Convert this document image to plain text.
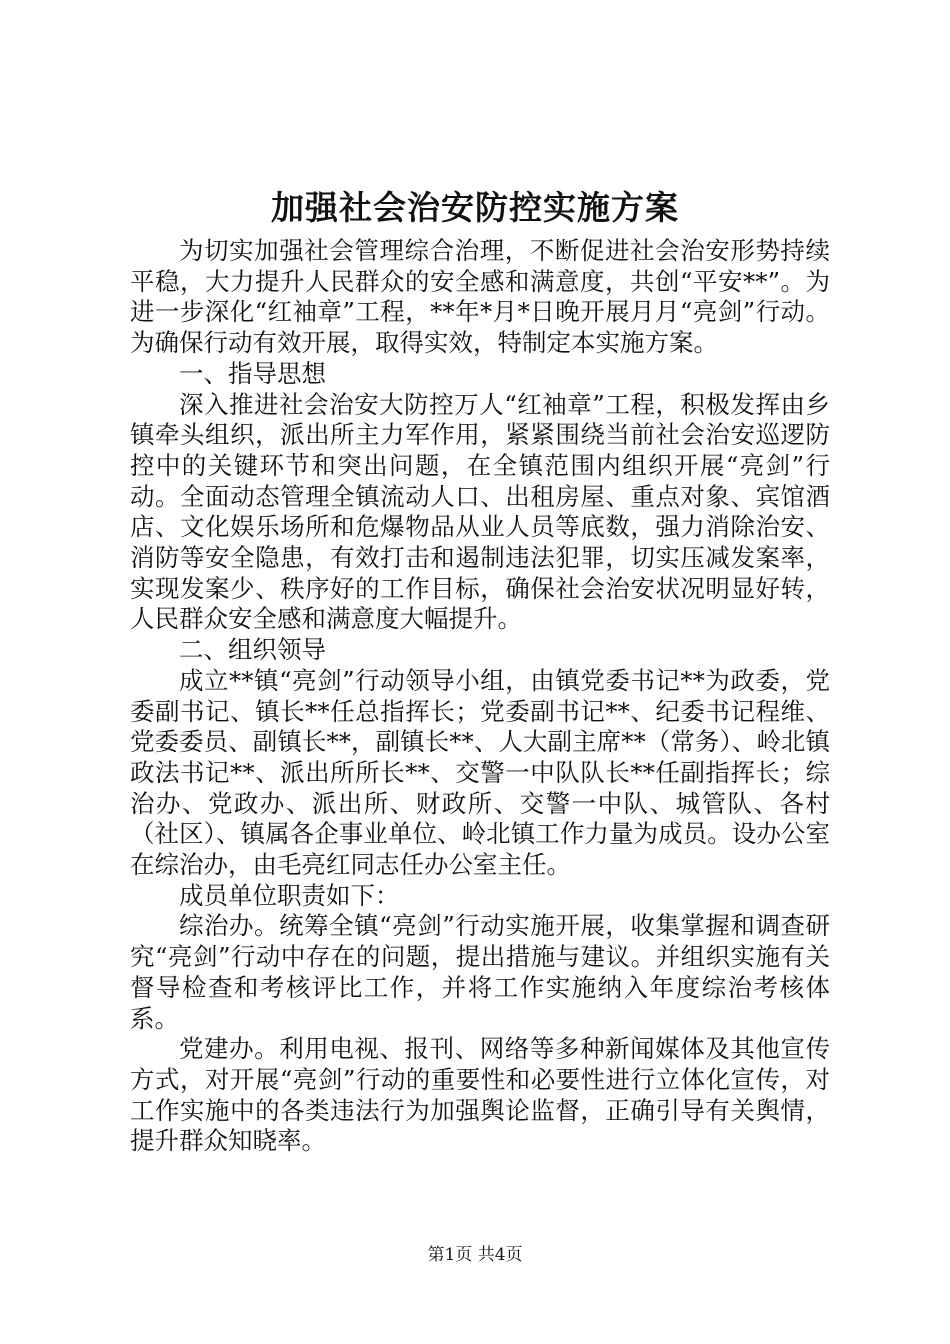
加强社会治安防控实施方案

为切实加强社会管理综合治理，不断促进社会治安形势持续平稳，大力提升人民群众的安全感和满意度，共创“平安**”。为进一步深化“红袖章”工程，**年*月*日晚开展月月“亮剑”行动。为确保行动有效开展，取得实效，特制定本实施方案。

一、指导思想

深入推进社会治安大防控万人“红袖章”工程，积极发挥由乡镇牵头组织，派出所主力军作用，紧紧围绕当前社会治安巡逻防控中的关键环节和突出问题，在全镇范围内组织开展“亮剑”行动。全面动态管理全镇流动人口、出租房屋、重点对象、宾馆酒店、文化娱乐场所和危爆物品从业人员等底数，强力消除治安、消防等安全隐患，有效打击和遏制违法犯罪，切实压减发案率，实现发案少、秩序好的工作目标，确保社会治安状况明显好转，人民群众安全感和满意度大幅提升。

二、组织领导

成立**镇“亮剑”行动领导小组，由镇党委书记**为政委，党委副书记、镇长**任总指挥长；党委副书记**、纪委书记程维、党委委员、副镇长**，副镇长**、人大副主席**（常务）、岭北镇政法书记**、派出所所长**、交警一中队队长**任副指挥长；综治办、党政办、派出所、财政所、交警一中队、城管队、各村（社区）、镇属各企事业单位、岭北镇工作力量为成员。设办公室在综治办，由毛亮红同志任办公室主任。

成员单位职责如下：

综治办。统筹全镇“亮剑”行动实施开展，收集掌握和调查研究“亮剑”行动中存在的问题，提出措施与建议。并组织实施有关督导检查和考核评比工作，并将工作实施纳入年度综治考核体系。

党建办。利用电视、报刊、网络等多种新闻媒体及其他宣传方式，对开展“亮剑”行动的重要性和必要性进行立体化宣传，对工作实施中的各类违法行为加强舆论监督，正确引导有关舆情，提升群众知晓率。

第1页 共4页
